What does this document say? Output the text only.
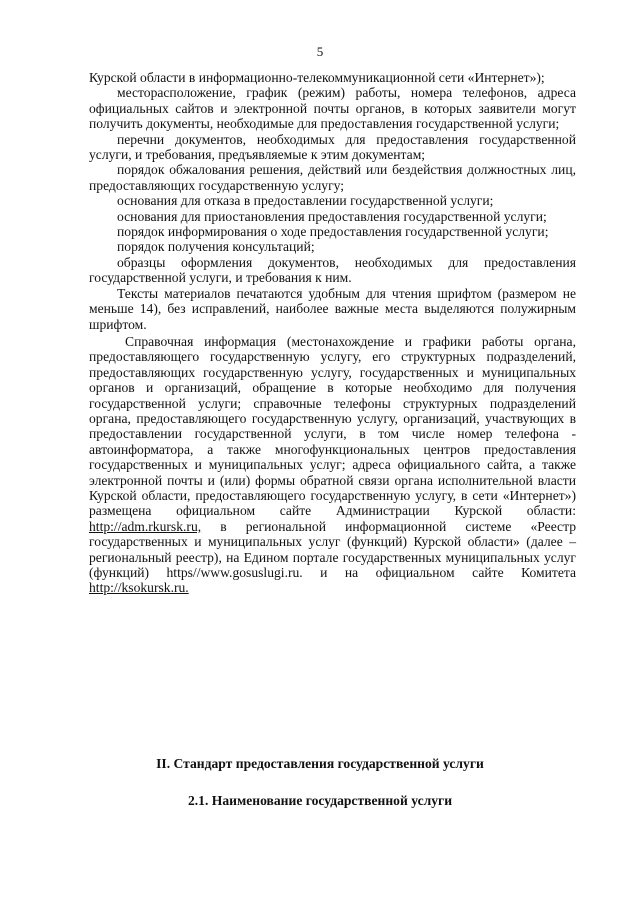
5

Курской области в информационно-телекоммуникационной сети «Интернет»);

месторасположение, график (режим) работы, номера телефонов, адреса официальных сайтов и электронной почты органов, в которых заявители могут получить документы, необходимые для предоставления государственной услуги;

перечни документов, необходимых для предоставления государственной услуги, и требования, предъявляемые к этим документам;

порядок обжалования решения, действий или бездействия должностных лиц, предоставляющих государственную услугу;

основания для отказа в предоставлении государственной услуги;

основания для приостановления предоставления государственной услуги;

порядок информирования о ходе предоставления государственной услуги;

порядок получения консультаций;

образцы оформления документов, необходимых для предоставления государственной услуги, и требования к ним.

Тексты материалов печатаются удобным для чтения шрифтом (размером не меньше 14), без исправлений, наиболее важные места выделяются полужирным шрифтом.

Справочная информация (местонахождение и графики работы органа, предоставляющего государственную услугу, его структурных подразделений, предоставляющих государственную услугу, государственных и муниципальных органов и организаций, обращение в которые необходимо для получения государственной услуги; справочные телефоны структурных подразделений органа, предоставляющего государственную услугу, организаций, участвующих в предоставлении государственной услуги, в том числе номер телефона - автоинформатора, а также многофункциональных центров предоставления государственных и муниципальных услуг; адреса официального сайта, а также электронной почты и (или) формы обратной связи органа исполнительной власти Курской области, предоставляющего государственную услугу, в сети «Интернет») размещена официальном сайте Администрации Курской области: http://adm.rkursk.ru, в региональной информационной системе «Реестр государственных и муниципальных услуг (функций) Курской области» (далее – региональный реестр), на Едином портале государственных муниципальных услуг (функций) https//www.gosuslugi.ru. и на официальном сайте Комитета http://ksokursk.ru.

II. Стандарт предоставления государственной услуги
2.1. Наименование государственной услуги
